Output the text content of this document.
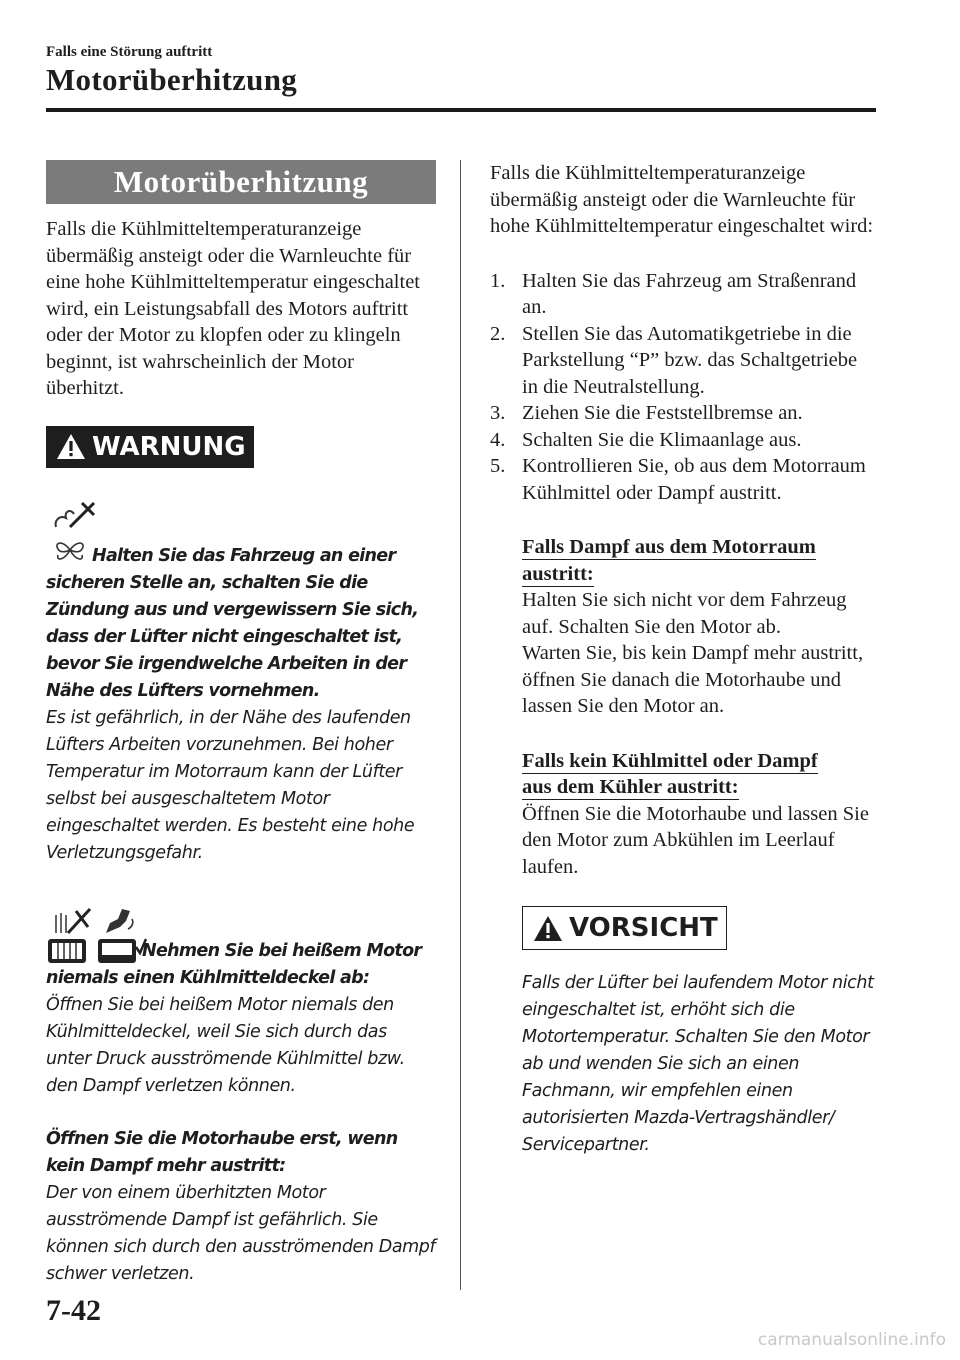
Falls eine Störung auftritt
Motorüberhitzung
Motorüberhitzung

Falls die Kühlmitteltemperaturanzeige übermäßig ansteigt oder die Warnleuchte für eine hohe Kühlmitteltemperatur eingeschaltet wird, ein Leistungsabfall des Motors auftritt oder der Motor zu klopfen oder zu klingeln beginnt, ist wahrscheinlich der Motor überhitzt.

WARNUNG
Halten Sie das Fahrzeug an einer sicheren Stelle an, schalten Sie die Zündung aus und vergewissern Sie sich, dass der Lüfter nicht eingeschaltet ist, bevor Sie irgendwelche Arbeiten in der Nähe des Lüfters vornehmen.

Es ist gefährlich, in der Nähe des laufenden Lüfters Arbeiten vorzunehmen. Bei hoher Temperatur im Motorraum kann der Lüfter selbst bei ausgeschaltetem Motor eingeschaltet werden. Es besteht eine hohe Verletzungsgefahr.

Nehmen Sie bei heißem Motor niemals einen Kühlmitteldeckel ab:

Öffnen Sie bei heißem Motor niemals den Kühlmitteldeckel, weil Sie sich durch das unter Druck ausströmende Kühlmittel bzw. den Dampf verletzen können.

Öffnen Sie die Motorhaube erst, wenn kein Dampf mehr austritt:

Der von einem überhitzten Motor ausströmende Dampf ist gefährlich. Sie können sich durch den ausströmenden Dampf schwer verletzen.

Falls die Kühlmitteltemperaturanzeige übermäßig ansteigt oder die Warnleuchte für hohe Kühlmitteltemperatur eingeschaltet wird:

1. Halten Sie das Fahrzeug am Straßenrand an.
2. Stellen Sie das Automatikgetriebe in die Parkstellung “P” bzw. das Schaltgetriebe in die Neutralstellung.
3. Ziehen Sie die Feststellbremse an.
4. Schalten Sie die Klimaanlage aus.
5. Kontrollieren Sie, ob aus dem Motorraum Kühlmittel oder Dampf austritt.
Falls Dampf aus dem Motorraum austritt:

Halten Sie sich nicht vor dem Fahrzeug auf. Schalten Sie den Motor ab.

Warten Sie, bis kein Dampf mehr austritt, öffnen Sie danach die Motorhaube und lassen Sie den Motor an.

Falls kein Kühlmittel oder Dampf aus dem Kühler austritt:

Öffnen Sie die Motorhaube und lassen Sie den Motor zum Abkühlen im Leerlauf laufen.

VORSICHT

Falls der Lüfter bei laufendem Motor nicht eingeschaltet ist, erhöht sich die Motortemperatur. Schalten Sie den Motor ab und wenden Sie sich an einen Fachmann, wir empfehlen einen autorisierten Mazda-Vertragshändler/ Servicepartner.

7-42
carmanualsonline.info
